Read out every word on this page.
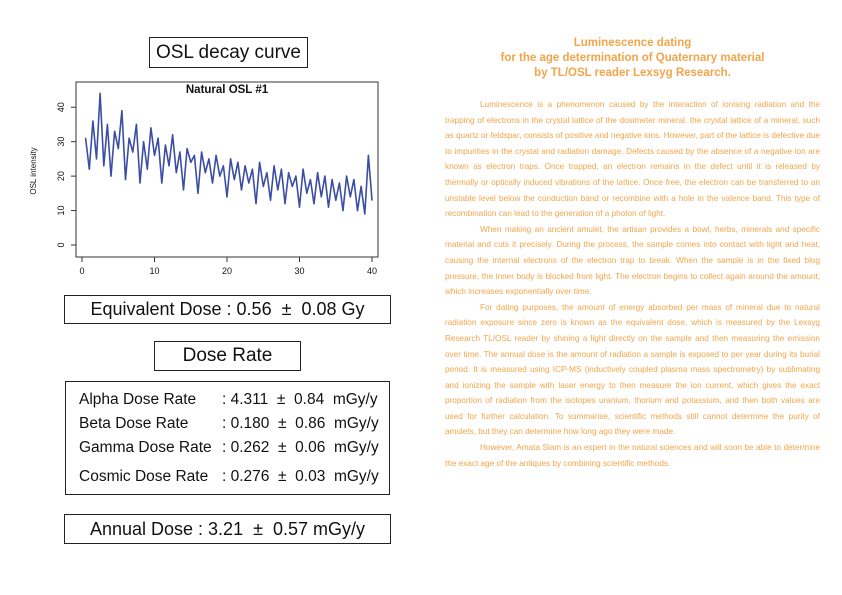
OSL decay curve
Natural OSL #1
OSL intensity
0	10	20	30	40
0
10
20
30
40
Equivalent Dose
: 0.56
±
0.08 Gy
Dose Rate
Alpha Dose Rate : 4.311 ± 0.84 mGy/y
Beta Dose Rate : 0.180 ± 0.86 mGy/y
Gamma Dose Rate : 0.262 ± 0.06 mGy/y
Cosmic Dose Rate : 0.276 ± 0.03 mGy/y
Annual Dose
: 3.21
±
0.57 mGy/y
Luminescence dating
for the age determination of Quaternary material
by TL/OSL reader Lexsyg Research.

Luminescence is a phenomenon caused by the interaction of ionising radiation and the trapping of electrons in the crystal lattice of the dosimeter mineral. the crystal lattice of a mineral, such as quartz or feldspar, consists of positive and negative ions. However, part of the lattice is defective due to impurities in the crystal and radiation damage. Defects caused by the absence of a negative ion are known as electron traps. Once trapped, an electron remains in the defect until it is released by thermally or optically induced vibrations of the lattice. Once free, the electron can be transferred to an unstable level below the conduction band or recombine with a hole in the valence band. This type of recombination can lead to the generation of a photon of light.

When making an ancient amulet, the artisan provides a bowl, herbs, minerals and specific material and cuts it precisely. During the process, the sample comes into contact with light and heat, causing the internal electrons of the electron trap to break. When the sample is in the fixed blog pressure, the inner body is blocked from light. The electron begins to collect again around the amount, which increases exponentially over time.

For dating purposes, the amount of energy absorbed per mass of mineral due to natural radiation exposure since zero is known as the equivalent dose, which is measured by the Lexsyg Research TL/OSL reader by shining a light directly on the sample and then measuring the emission over time. The annual dose is the amount of radiation a sample is exposed to per year during its burial period. It is measured using ICP-MS (inductively coupled plasma mass spectrometry) by sublimating and ionizing the sample with laser energy to then measure the ion current, which gives the exact proportion of radiation from the isotopes uranium, thorium and potassium, and then both values are used for further calculation. To summarise, scientific methods still cannot determine the purity of amulets, but they can determine how long ago they were made.

However, Amata Siam is an expert in the natural sciences and will soon be able to determine the exact age of the antiques by combining scientific methods.
